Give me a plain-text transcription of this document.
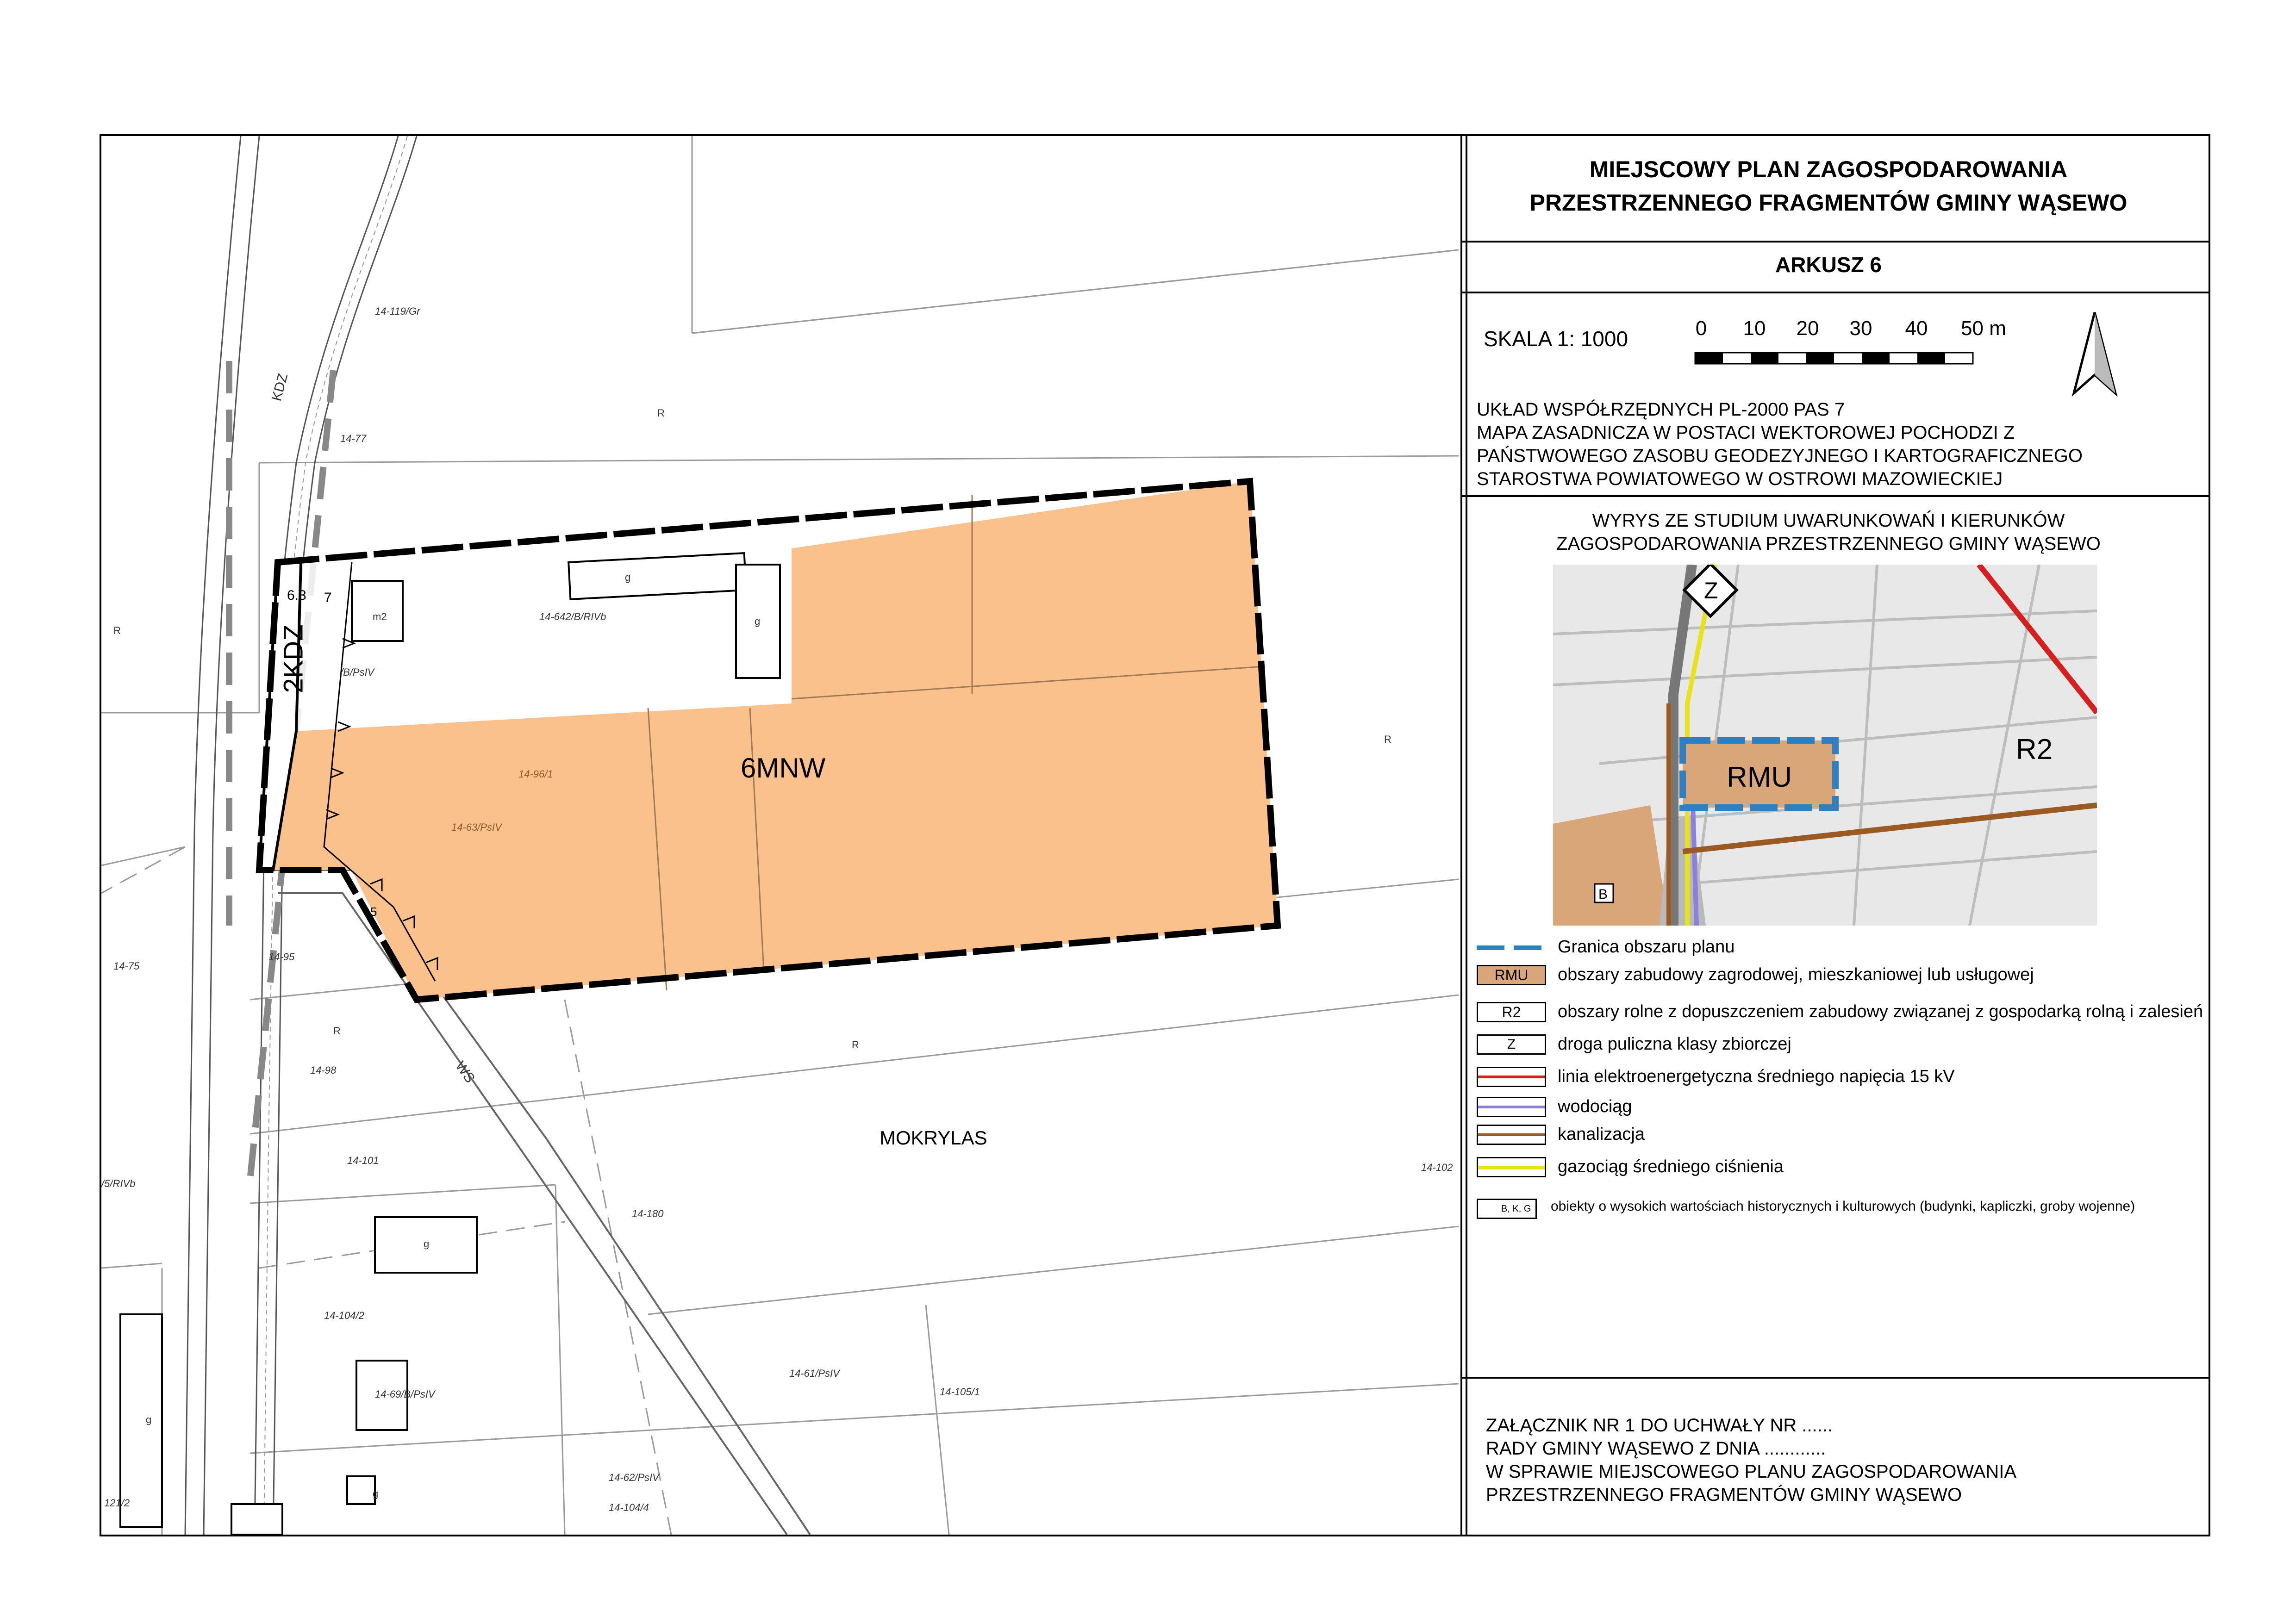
6MNW
2KDZ
MOKRYLAS
KDZ
WS
6.3 7
5
R
R
R
R
R
g
g
m2
g
g
g
14-119/Gr
14-77
14-642/B/RIVb
/B/PsIV
14-96/1
14-63/PsIV
14-75
14-95
14-98
14-101
14-180
14-102
14-104/2
14-61/PsIV
14-105/1
14-62/PsIV
14-104/4
/5/RIVb
121/2
14-69/B/PsIV
MIEJSCOWY PLAN ZAGOSPODAROWANIA
PRZESTRZENNEGO FRAGMENTÓW GMINY WĄSEWO
ARKUSZ 6
SKALA 1: 1000	0	10	20	30	40	50 m
UKŁAD WSPÓŁRZĘDNYCH PL-2000 PAS 7
MAPA ZASADNICZA W POSTACI WEKTOROWEJ POCHODZI Z
PAŃSTWOWEGO ZASOBU GEODEZYJNEGO I KARTOGRAFICZNEGO
STAROSTWA POWIATOWEGO W OSTROWI MAZOWIECKIEJ
WYRYS ZE STUDIUM UWARUNKOWAŃ I KIERUNKÓW
ZAGOSPODAROWANIA PRZESTRZENNEGO GMINY WĄSEWO
RMU
R2
Z
B
Granica obszaru planu
RMU	obszary zabudowy zagrodowej, mieszkaniowej lub usługowej
R2	obszary rolne z dopuszczeniem zabudowy związanej z gospodarką rolną i zalesień
Z	droga puliczna klasy zbiorczej
linia elektroenergetyczna średniego napięcia 15 kV
wodociąg
kanalizacja
gazociąg średniego ciśnienia
B, K, G	obiekty o wysokich wartościach historycznych i kulturowych (budynki, kapliczki, groby wojenne)
ZAŁĄCZNIK NR 1 DO UCHWAŁY NR ......
RADY GMINY WĄSEWO Z DNIA ............
W SPRAWIE MIEJSCOWEGO PLANU ZAGOSPODAROWANIA
PRZESTRZENNEGO FRAGMENTÓW GMINY WĄSEWO
